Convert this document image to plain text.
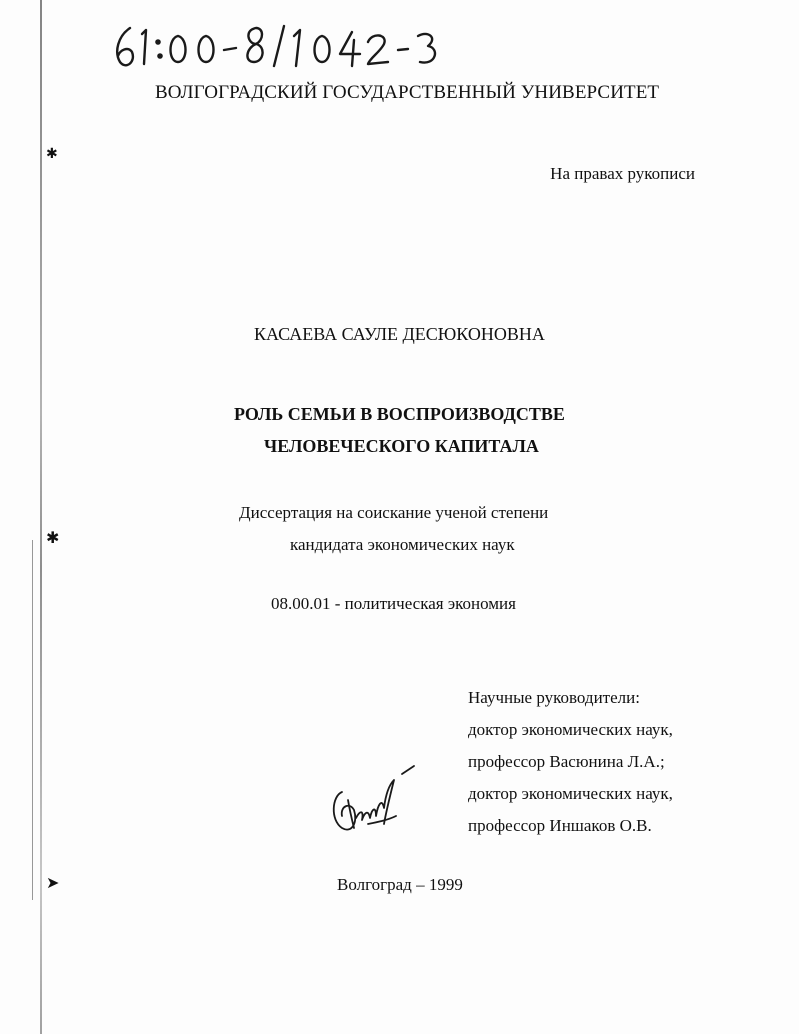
✱
✱
➤
ВОЛГОГРАДСКИЙ ГОСУДАРСТВЕННЫЙ УНИВЕРСИТЕТ
На правах рукописи
КАСАЕВА САУЛЕ ДЕСЮКОНОВНА
РОЛЬ СЕМЬИ В ВОСПРОИЗВОДСТВЕ
ЧЕЛОВЕЧЕСКОГО КАПИТАЛА
Диссертация на соискание ученой степени
кандидата экономических наук
08.00.01 - политическая экономия
Научные руководители:
доктор экономических наук,
профессор Васюнина Л.А.;
доктор экономических наук,
профессор Иншаков О.В.
Волгоград – 1999
